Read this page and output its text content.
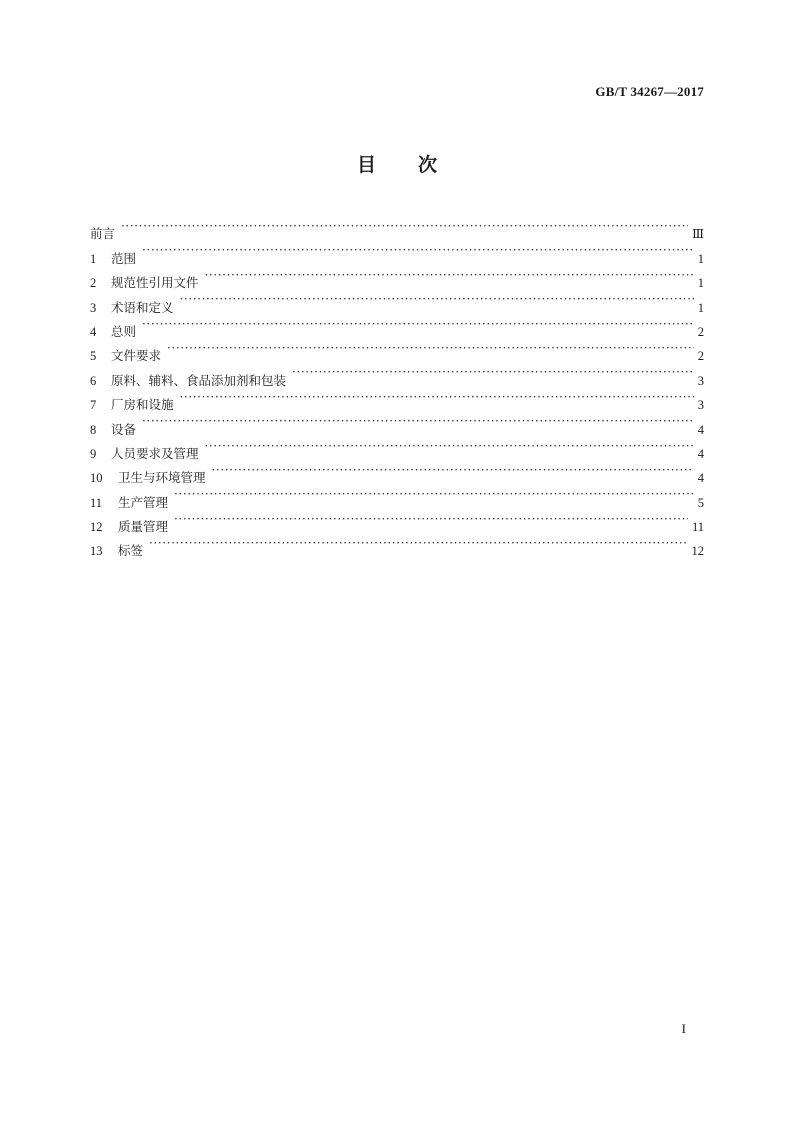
GB/T 34267—2017
目次
前言 ·····	Ⅲ
1	范围 ·····	1
2	规范性引用文件 ·····	1
3	术语和定义 ·····	1
4	总则 ·····	2
5	文件要求 ·····	2
6	原料、辅料、食品添加剂和包装 ·····	3
7	厂房和设施 ·····	3
8	设备 ·····	4
9	人员要求及管理 ·····	4
10	卫生与环境管理 ·····	4
11	生产管理 ·····	5
12	质量管理 ·····	11
13	标签 ·····	12
I
